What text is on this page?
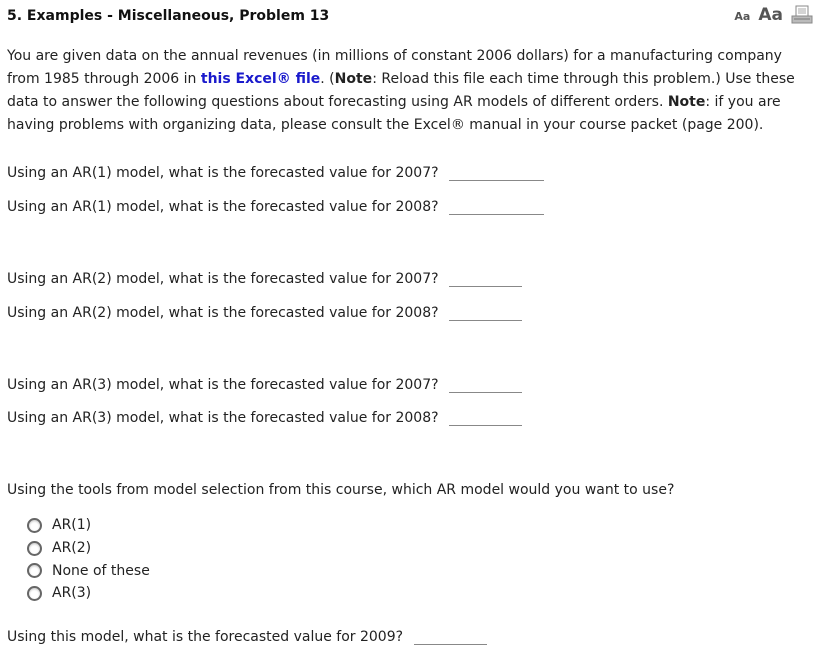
5. Examples - Miscellaneous, Problem 13	Aa Aa

You are given data on the annual revenues (in millions of constant 2006 dollars) for a manufacturing company from 1985 through 2006 in this Excel® file. (Note: Reload this file each time through this problem.) Use these data to answer the following questions about forecasting using AR models of different orders. Note: if you are having problems with organizing data, please consult the Excel® manual in your course packet (page 200).

Using an AR(1) model, what is the forecasted value for 2007?
Using an AR(1) model, what is the forecasted value for 2008?
Using an AR(2) model, what is the forecasted value for 2007?
Using an AR(2) model, what is the forecasted value for 2008?
Using an AR(3) model, what is the forecasted value for 2007?
Using an AR(3) model, what is the forecasted value for 2008?
Using the tools from model selection from this course, which AR model would you want to use?
AR(1)
AR(2)
None of these
AR(3)
Using this model, what is the forecasted value for 2009?
